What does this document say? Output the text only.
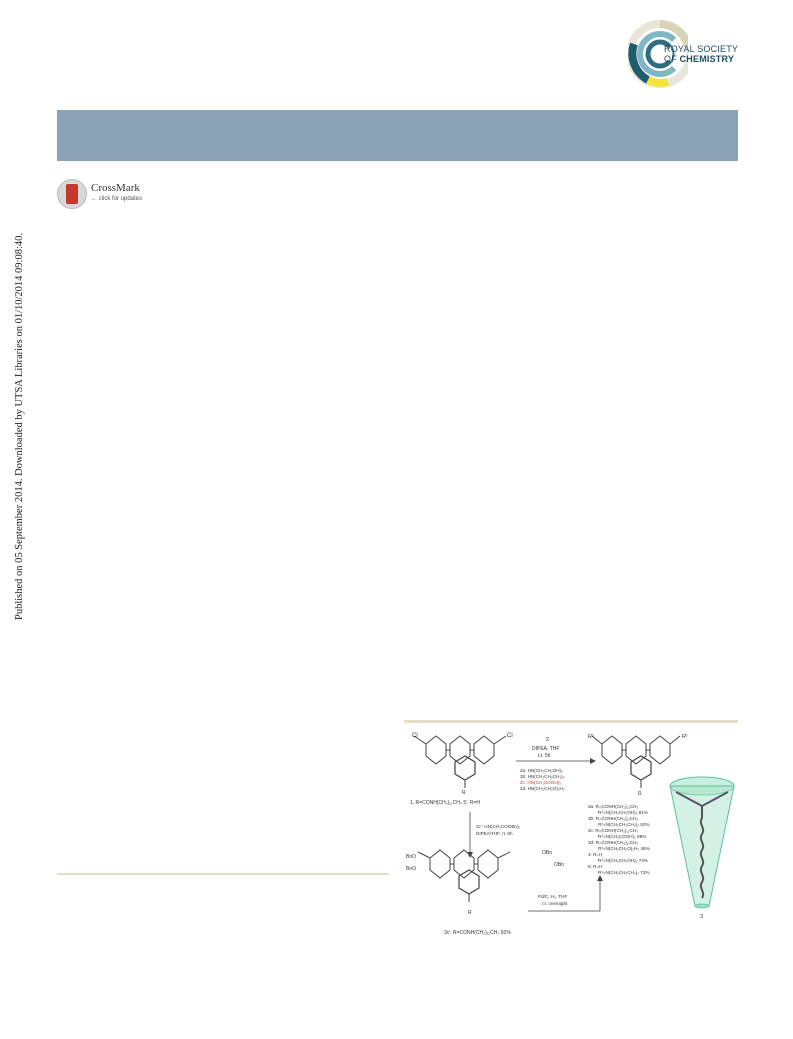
ROYAL SOCIETY
OF CHEMISTRY
CrossMark
← click for updates
Published on 05 September 2014. Downloaded by UTSA Libraries on 01/10/2014 09:08:40.
Cl	Cl
R
1, R=CONH(CH₂)₁₁CH₃ 5', R=H
2
DIPEA, THF
r.t. 5h
2a: HN(CH₂CH₂OH)₂
2b: HN(CH₂CH₂CH₃)₂
2c: HN(CH₂COOH)₂
2d: HN(CH₂CH₂O)₂H₂
R¹	R¹
R
3a: R=CONH(CH₂)₁₁CH₃
R¹=N(CH₂CH₂OH)₂ 81%
3b: R=CONH(CH₂)₁₁CH₃
R¹=N(CH₂CH₂CH₃)₂ 92%
3c: R=CONH(CH₂)₁₁CH₃
R¹=N(CH₂COOH)₂ 88%
3d: R=CONH(CH₂)₁₁CH₃
R¹=N(CH₂CH₂O)₂H₂ 46%
4: R=H
R¹=N(CH₂CH₂OH)₂ 74%
5: R=H
R¹=N(CH₂CH₂CH₃)₂ 72%
3
2c': HN(CH₂COOBn)₂
DIPEA/THF, rt, 5h
BnO
BnO
OBn
OBn
R
3c': R=CONH(CH₂)₁₁CH₃ 92%
Pd/C, H₂, THF
r.t. overnight
